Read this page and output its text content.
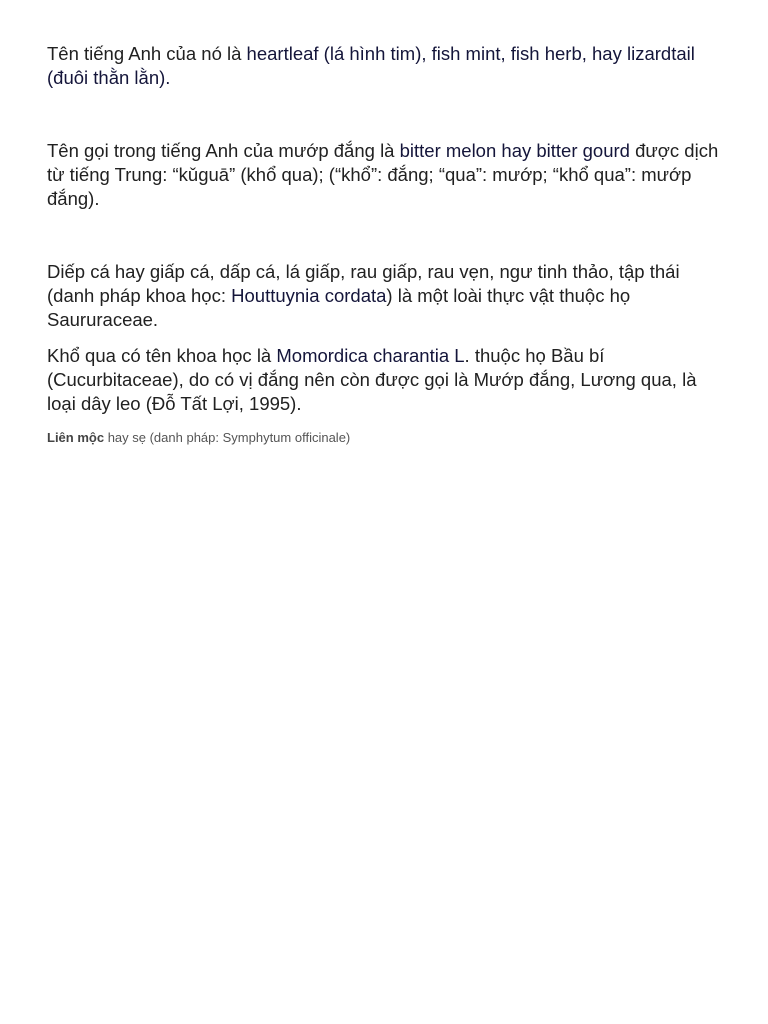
Tên tiếng Anh của nó là heartleaf (lá hình tim), fish mint, fish herb, hay lizardtail (đuôi thằn lằn).

Tên gọi trong tiếng Anh của mướp đắng là bitter melon hay bitter gourd được dịch từ tiếng Trung: “kǔguā” (khổ qua); (“khổ”: đắng; “qua”: mướp; “khổ qua”: mướp đắng).

Diếp cá hay giấp cá, dấp cá, lá giấp, rau giấp, rau vẹn, ngư tinh thảo, tập thái (danh pháp khoa học: Houttuynia cordata) là một loài thực vật thuộc họ Saururaceae.

Khổ qua có tên khoa học là Momordica charantia L. thuộc họ Bầu bí (Cucurbitaceae), do có vị đắng nên còn được gọi là Mướp đắng, Lương qua, là loại dây leo (Đỗ Tất Lợi, 1995).

Liên mộc hay sẹ (danh pháp: Symphytum officinale)
